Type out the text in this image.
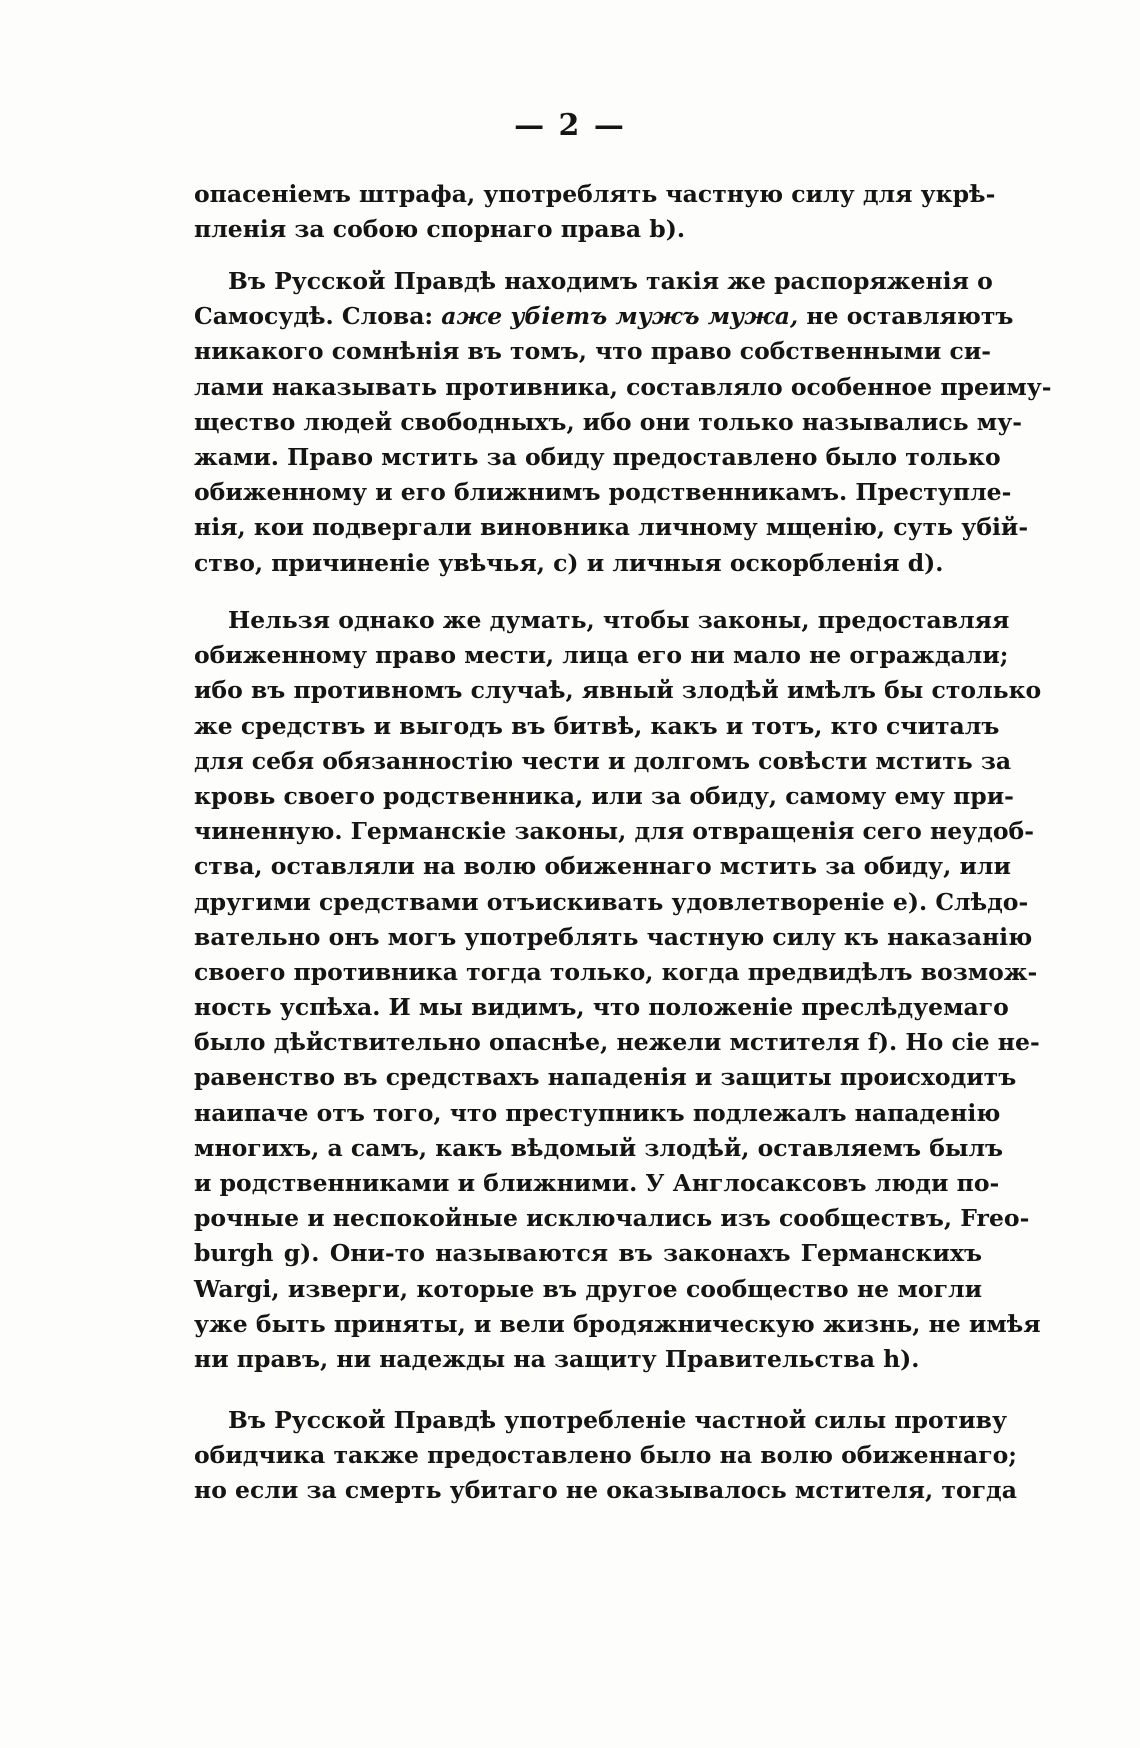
— 2 —
опасеніемъ штрафа, употреблять частную силу для укрѣ-
пленія за собою спорнаго права b).
Въ Русской Правдѣ находимъ такія же распоряженія о
Самосудѣ. Слова: аже убіетъ мужъ мужа, не оставляютъ
никакого сомнѣнія въ томъ, что право собственными си-
лами наказывать противника, составляло особенное преиму-
щество людей свободныхъ, ибо они только назывались му-
жами. Право мстить за обиду предоставлено было только
обиженному и его ближнимъ родственникамъ. Преступле-
нія, кои подвергали виновника личному мщенію, суть убій-
ство, причиненіе увѣчья, c) и личныя оскорбленія d).
Нельзя однако же думать, чтобы законы, предоставляя
обиженному право мести, лица его ни мало не ограждали;
ибо въ противномъ случаѣ, явный злодѣй имѣлъ бы столько
же средствъ и выгодъ въ битвѣ, какъ и тотъ, кто считалъ
для себя обязанностію чести и долгомъ совѣсти мстить за
кровь своего родственника, или за обиду, самому ему при-
чиненную. Германскіе законы, для отвращенія сего неудоб-
ства, оставляли на волю обиженнаго мстить за обиду, или
другими средствами отъискивать удовлетвореніе e). Слѣдо-
вательно онъ могъ употреблять частную силу къ наказанію
своего противника тогда только, когда предвидѣлъ возмож-
ность успѣха. И мы видимъ, что положеніе преслѣдуемаго
было дѣйствительно опаснѣе, нежели мстителя f). Но сіе не-
равенство въ средствахъ нападенія и защиты происходитъ
наипаче отъ того, что преступникъ подлежалъ нападенію
многихъ, а самъ, какъ вѣдомый злодѣй, оставляемъ былъ
и родственниками и ближними. У Англосаксовъ люди по-
рочные и неспокойные исключались изъ сообществъ, Freo-
burgh g). Они-то называются въ законахъ Германскихъ
Wargi, изверги, которые въ другое сообщество не могли
уже быть приняты, и вели бродяжническую жизнь, не имѣя
ни правъ, ни надежды на защиту Правительства h).
Въ Русской Правдѣ употребленіе частной силы противу
обидчика также предоставлено было на волю обиженнаго;
но если за смерть убитаго не оказывалось мстителя, тогда
